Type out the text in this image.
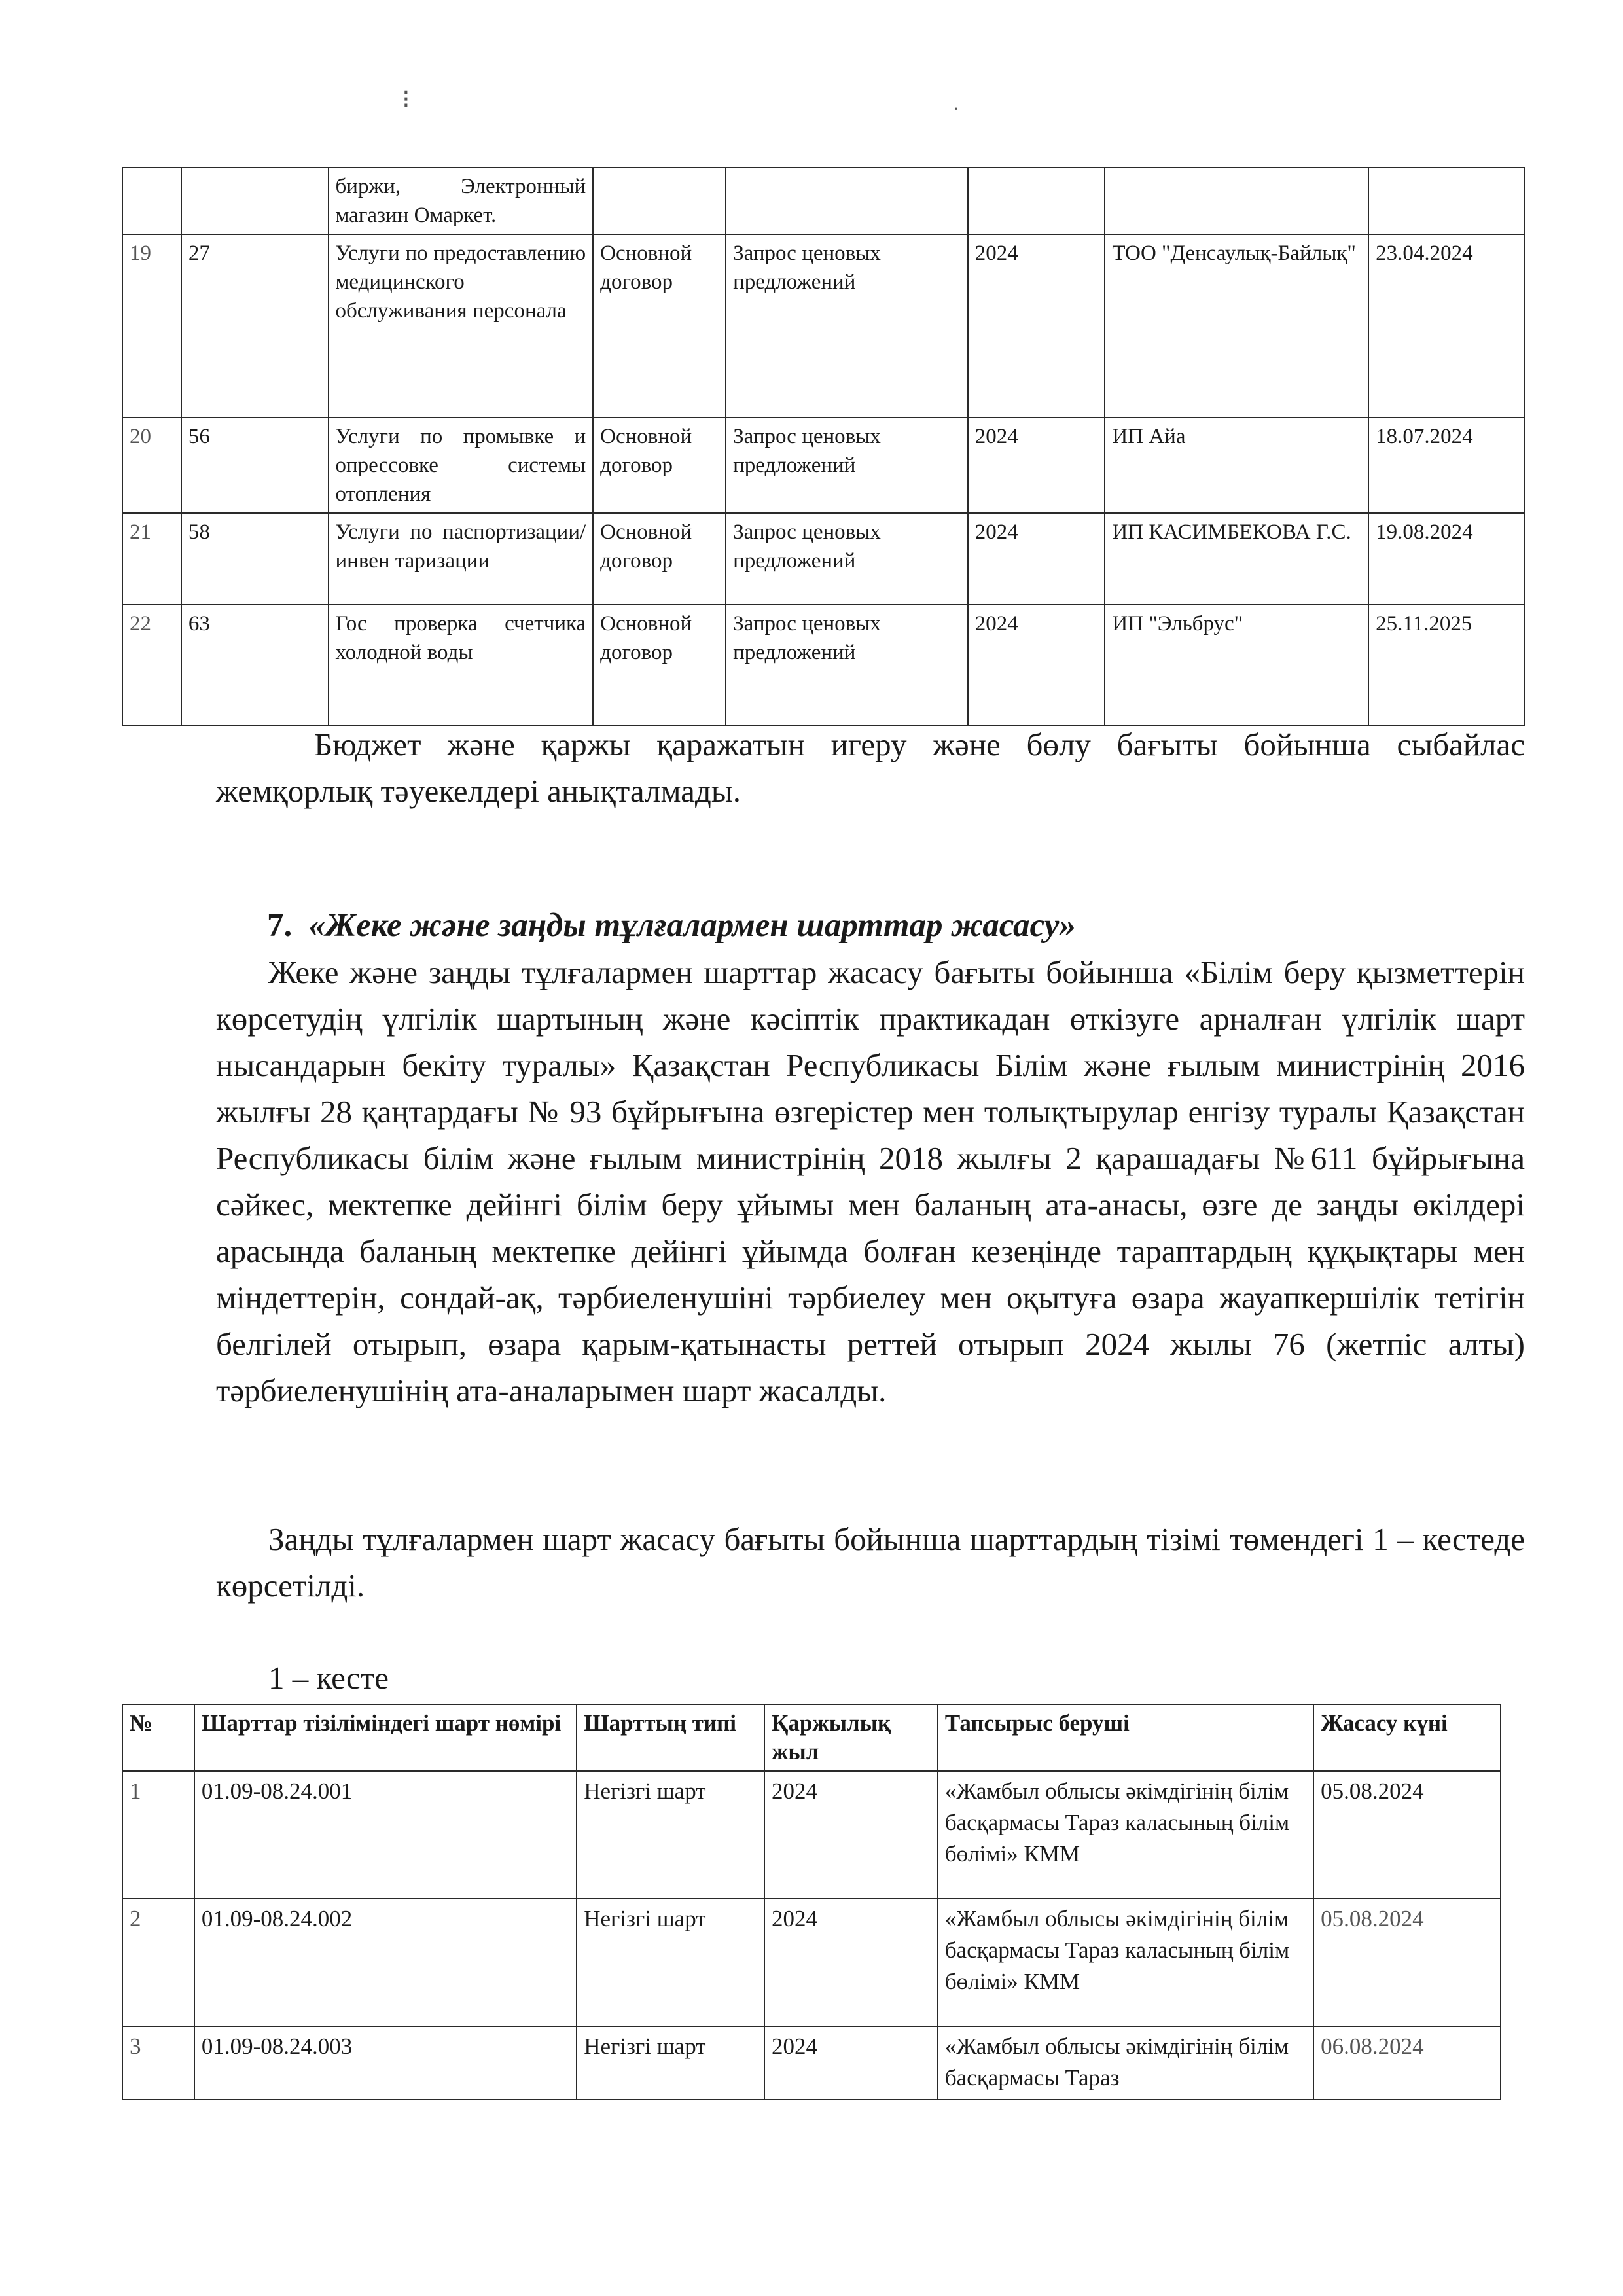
⁝	·
		биржи, Электронный магазин Омаркет.					
19	27	Услуги по предоставлению медицинского обслуживания персонала	Основной договор	Запрос ценовых предложений	2024	ТОО "Денсаулық-Байлық"	23.04.2024
20	56	Услуги по промывке и опрессовке системы отопления	Основной договор	Запрос ценовых предложений	2024	ИП Айа	18.07.2024
21	58	Услуги по паспортизации/инвен таризации	Основной договор	Запрос ценовых предложений	2024	ИП КАСИМБЕКОВА Г.С.	19.08.2024
22	63	Гос проверка счетчика холодной воды	Основной договор	Запрос ценовых предложений	2024	ИП "Эльбрус"	25.11.2025
Бюджет және қаржы қаражатын игеру және бөлу бағыты бойынша сыбайлас жемқорлық тәуекелдері анықталмады.
7. «Жеке және заңды тұлғалармен шарттар жасасу»
Жеке және заңды тұлғалармен шарттар жасасу бағыты бойынша «Білім беру қызметтерін көрсетудің үлгілік шартының және кәсіптік практикадан өткізуге арналған үлгілік шарт нысандарын бекіту туралы» Қазақстан Республикасы Білім және ғылым министрінің 2016 жылғы 28 қаңтардағы № 93 бұйрығына өзгерістер мен толықтырулар енгізу туралы Қазақстан Республикасы білім және ғылым министрінің 2018 жылғы 2 қарашадағы №611 бұйрығына сәйкес, мектепке дейінгі білім беру ұйымы мен баланың ата-анасы, өзге де заңды өкілдері арасында баланың мектепке дейінгі ұйымда болған кезеңінде тараптардың құқықтары мен міндеттерін, сондай-ақ, тәрбиеленушіні тәрбиелеу мен оқытуға өзара жауапкершілік тетігін белгілей отырып, өзара қарым-қатынасты реттей отырып 2024 жылы 76 (жетпіс алты) тәрбиеленушінің ата-аналарымен шарт жасалды.
Заңды тұлғалармен шарт жасасу бағыты бойынша шарттардың тізімі төмендегі 1 – кестеде көрсетілді.
1 – кесте
№	Шарттар тізіліміндегі шарт нөмірі	Шарттың типі	Қаржылық жыл	Тапсырыс беруші	Жасасу күні
1	01.09-08.24.001	Негізгі шарт	2024	«Жамбыл облысы әкімдігінің білім басқармасы Тараз каласының білім бөлімі» КММ	05.08.2024
2	01.09-08.24.002	Негізгі шарт	2024	«Жамбыл облысы әкімдігінің білім басқармасы Тараз каласының білім бөлімі» КММ	05.08.2024
3	01.09-08.24.003	Негізгі шарт	2024	«Жамбыл облысы әкімдігінің білім басқармасы Тараз	06.08.2024
